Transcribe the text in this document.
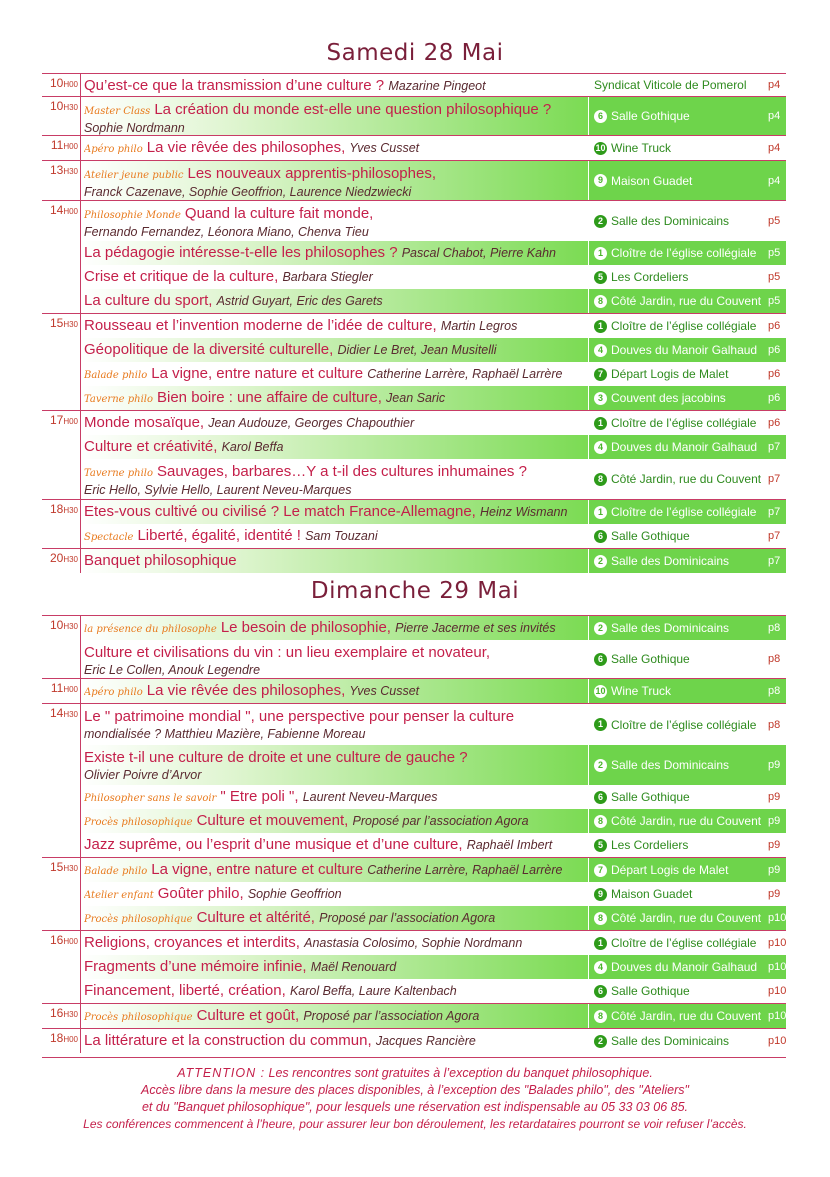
Samedi 28 Mai
10H00 Qu’est-ce que la transmission d’une culture ? Mazarine Pingeot	Syndicat Viticole de Pomerol p4
10H30 Master Class La création du monde est-elle une question philosophique ?
Sophie Nordmann
6 Salle Gothique	p4
11H00 Apéro philo La vie rêvée des philosophes, Yves Cusset	10 Wine Truck	p4
13H30 Atelier jeune public Les nouveaux apprentis-philosophes,
Franck Cazenave, Sophie Geoffrion, Laurence Niedzwiecki
9 Maison Guadet	p4
14H00 Philosophie Monde Quand la culture fait monde,
Fernando Fernandez, Léonora Miano, Chenva Tieu
2 Salle des Dominicains	p5
La pédagogie intéresse-t-elle les philosophes ? Pascal Chabot, Pierre Kahn	1 Cloître de l’église collégiale p5
Crise et critique de la culture, Barbara Stiegler	5 Les Cordeliers	p5
La culture du sport, Astrid Guyart, Eric des Garets	8 Côté Jardin, rue du Couvent p5
15H30 Rousseau et l’invention moderne de l’idée de culture, Martin Legros	1 Cloître de l’église collégiale p6
Géopolitique de la diversité culturelle, Didier Le Bret, Jean Musitelli	4 Douves du Manoir Galhaud p6
Balade philo La vigne, entre nature et culture Catherine Larrère, Raphaël Larrère	7 Départ Logis de Malet	p6
Taverne philo Bien boire : une affaire de culture, Jean Saric	3 Couvent des jacobins	p6
17H00 Monde mosaïque, Jean Audouze, Georges Chapouthier	1 Cloître de l’église collégiale p6
Culture et créativité, Karol Beffa	4 Douves du Manoir Galhaud p7
Taverne philo Sauvages, barbares…Y a t-il des cultures inhumaines ?
Eric Hello, Sylvie Hello, Laurent Neveu-Marques
8 Côté Jardin, rue du Couvent p7
18H30 Etes-vous cultivé ou civilisé ? Le match France-Allemagne, Heinz Wismann	1 Cloître de l’église collégiale p7
Spectacle Liberté, égalité, identité ! Sam Touzani	6 Salle Gothique	p7
20H30 Banquet philosophique	2 Salle des Dominicains	p7
Dimanche 29 Mai
10H30 la présence du philosophe Le besoin de philosophie, Pierre Jacerme et ses invités	2 Salle des Dominicains	p8
Culture et civilisations du vin : un lieu exemplaire et novateur,
Eric Le Collen, Anouk Legendre
6 Salle Gothique	p8
11H00 Apéro philo La vie rêvée des philosophes, Yves Cusset	10 Wine Truck	p8
14H30 Le " patrimoine mondial ", une perspective pour penser la culture
mondialisée ? Matthieu Mazière, Fabienne Moreau
1 Cloître de l’église collégiale p8
Existe t-il une culture de droite et une culture de gauche ?
Olivier Poivre d’Arvor
2 Salle des Dominicains	p9
Philosopher sans le savoir " Etre poli ", Laurent Neveu-Marques	6 Salle Gothique	p9
Procès philosophique Culture et mouvement, Proposé par l’association Agora	8 Côté Jardin, rue du Couvent p9
Jazz suprême, ou l’esprit d’une musique et d’une culture, Raphaël Imbert	5 Les Cordeliers	p9
15H30 Balade philo La vigne, entre nature et culture Catherine Larrère, Raphaël Larrère	7 Départ Logis de Malet	p9
Atelier enfant Goûter philo, Sophie Geoffrion	9 Maison Guadet	p9
Procès philosophique Culture et altérité, Proposé par l’association Agora	8 Côté Jardin, rue du Couvent p10
16H00 Religions, croyances et interdits, Anastasia Colosimo, Sophie Nordmann	1 Cloître de l’église collégiale p10
Fragments d’une mémoire infinie, Maël Renouard	4 Douves du Manoir Galhaud p10
Financement, liberté, création, Karol Beffa, Laure Kaltenbach	6 Salle Gothique	p10
16H30 Procès philosophique Culture et goût, Proposé par l’association Agora	8 Côté Jardin, rue du Couvent p10
18H00 La littérature et la construction du commun, Jacques Rancière	2 Salle des Dominicains	p10
ATTENTION : Les rencontres sont gratuites à l’exception du banquet philosophique.
Accès libre dans la mesure des places disponibles, à l’exception des "Balades philo", des "Ateliers"
et du "Banquet philosophique", pour lesquels une réservation est indispensable au 05 33 03 06 85.
Les conférences commencent à l’heure, pour assurer leur bon déroulement, les retardataires pourront se voir refuser l’accès.
